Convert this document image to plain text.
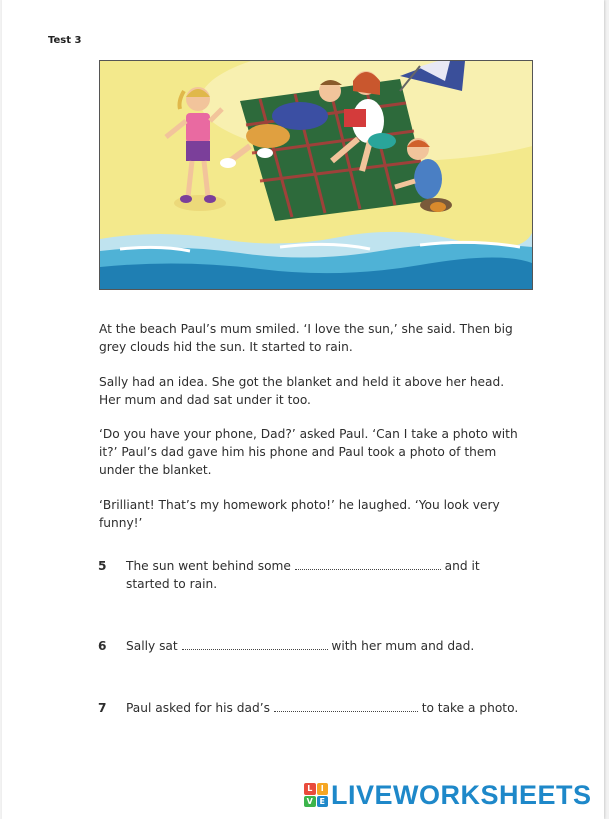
Test 3

At the beach Paul’s mum smiled. ‘I love the sun,’ she said. Then big grey clouds hid the sun. It started to rain.

Sally had an idea. She got the blanket and held it above her head. Her mum and dad sat under it too.

‘Do you have your phone, Dad?’ asked Paul. ‘Can I take a photo with it?’ Paul’s dad gave him his phone and Paul took a photo of them under the blanket.

‘Brilliant! That’s my homework photo!’ he laughed. ‘You look very funny!’

5 The sun went behind some	and it started to rain.
6 Sally sat	with her mum and dad.
7 Paul asked for his dad’s	to take a photo.
L	I
V E LIVEWORKSHEETS
